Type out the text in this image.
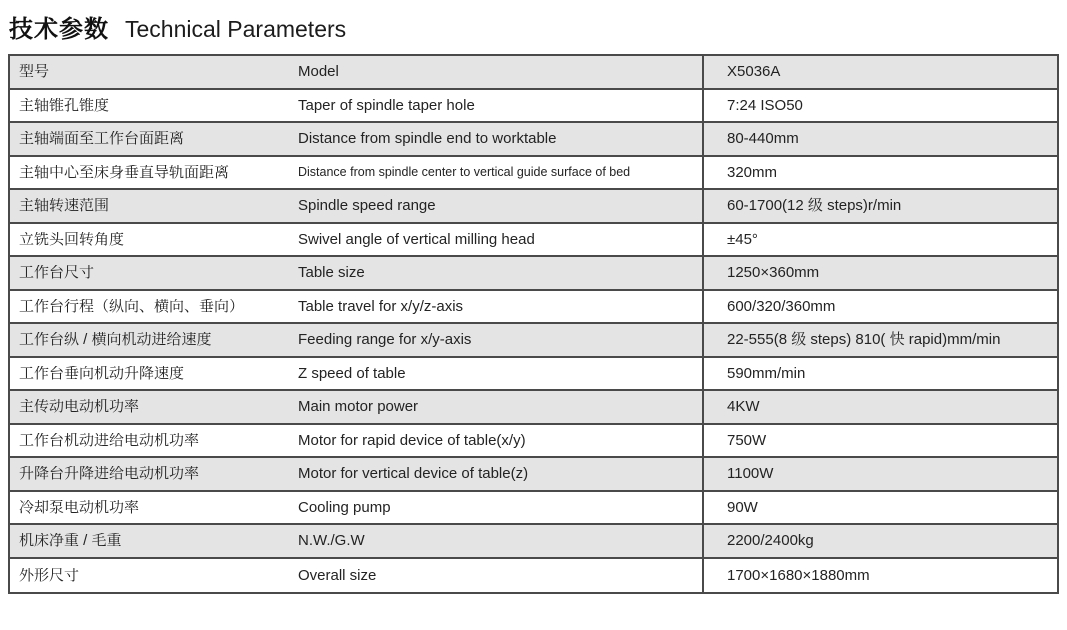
技术参数 Technical Parameters
型号	Model	X5036A
主轴锥孔锥度	Taper of spindle taper hole	7:24 ISO50
主轴端面至工作台面距离	Distance from spindle end to worktable	80-440mm
主轴中心至床身垂直导轨面距离	Distance from spindle center to vertical guide surface of bed	320mm
主轴转速范围	Spindle speed range	60-1700(12 级 steps)r/min
立铣头回转角度	Swivel angle of vertical milling head	±45°
工作台尺寸	Table size	1250×360mm
工作台行程（纵向、横向、垂向）	Table travel for x/y/z-axis	600/320/360mm
工作台纵 / 横向机动进给速度	Feeding range for x/y-axis	22-555(8 级 steps) 810( 快 rapid)mm/min
工作台垂向机动升降速度	Z speed of table	590mm/min
主传动电动机功率	Main motor power	4KW
工作台机动进给电动机功率	Motor for rapid device of table(x/y)	750W
升降台升降进给电动机功率	Motor for vertical device of table(z)	1100W
冷却泵电动机功率	Cooling pump	90W
机床净重 / 毛重	N.W./G.W	2200/2400kg
外形尺寸	Overall size	1700×1680×1880mm
